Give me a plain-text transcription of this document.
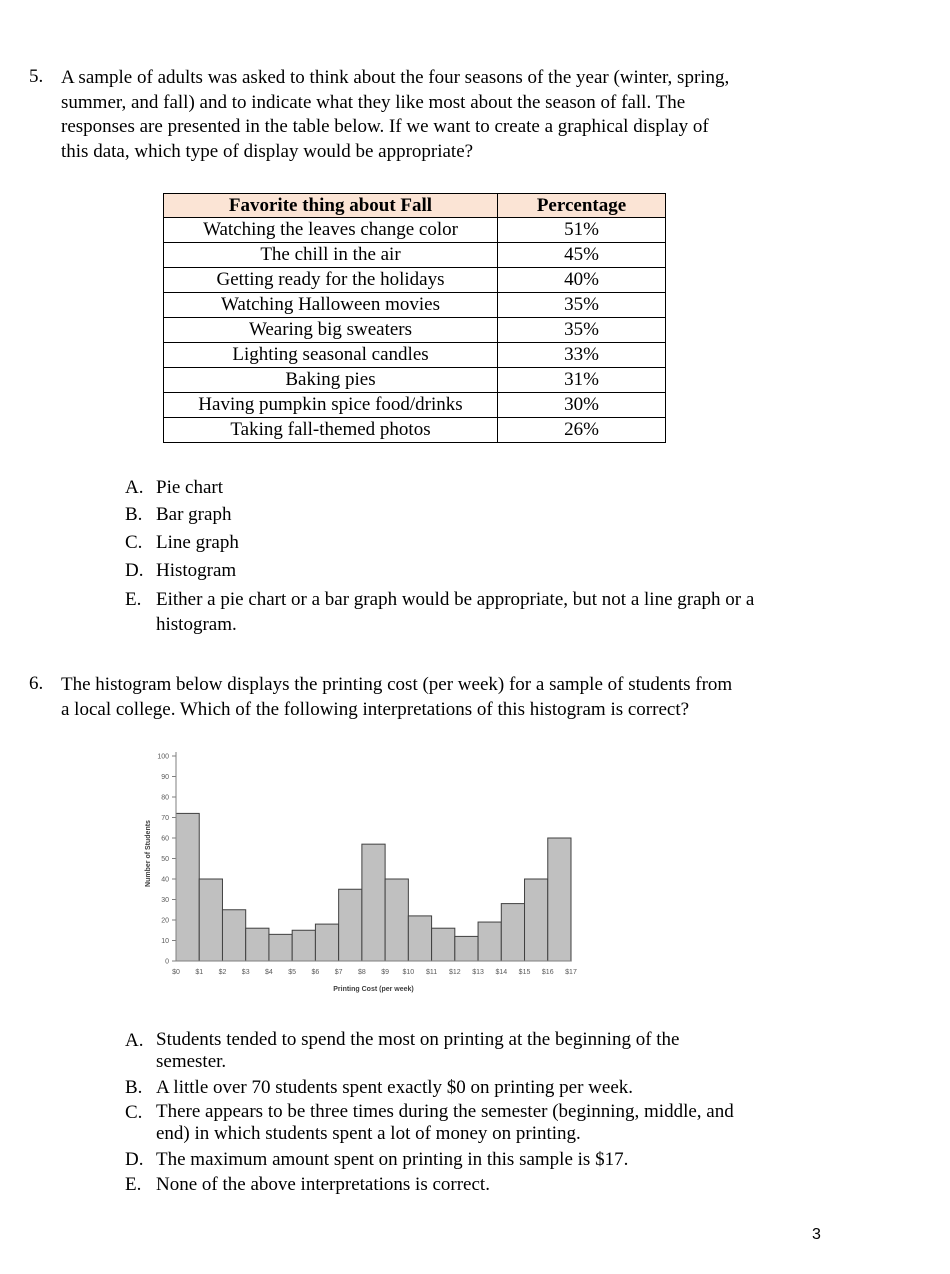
5. A sample of adults was asked to think about the four seasons of the year (winter, spring,
summer, and fall) and to indicate what they like most about the season of fall. The
responses are presented in the table below. If we want to create a graphical display of
this data, which type of display would be appropriate?
Favorite thing about Fall	Percentage
Watching the leaves change color	51%
The chill in the air	45%
Getting ready for the holidays	40%
Watching Halloween movies	35%
Wearing big sweaters	35%
Lighting seasonal candles	33%
Baking pies	31%
Having pumpkin spice food/drinks	30%
Taking fall-themed photos	26%
A. Pie chart
B. Bar graph
C. Line graph
D. Histogram
E. Either a pie chart or a bar graph would be appropriate, but not a line graph or a
histogram.
6. The histogram below displays the printing cost (per week) for a sample of students from
a local college. Which of the following interpretations of this histogram is correct?
0
10
20
30
40
50
60
70
80
90
100
$0 $1 $2 $3 $4 $5 $6 $7 $8 $9 $10 $11 $12 $13 $14 $15 $16 $17
Printing Cost (per week)
Number of Students
A. Students tended to spend the most on printing at the beginning of the
semester.
B. A little over 70 students spent exactly $0 on printing per week.
C. There appears to be three times during the semester (beginning, middle, and
end) in which students spent a lot of money on printing.
D. The maximum amount spent on printing in this sample is $17.
E. None of the above interpretations is correct.
3
